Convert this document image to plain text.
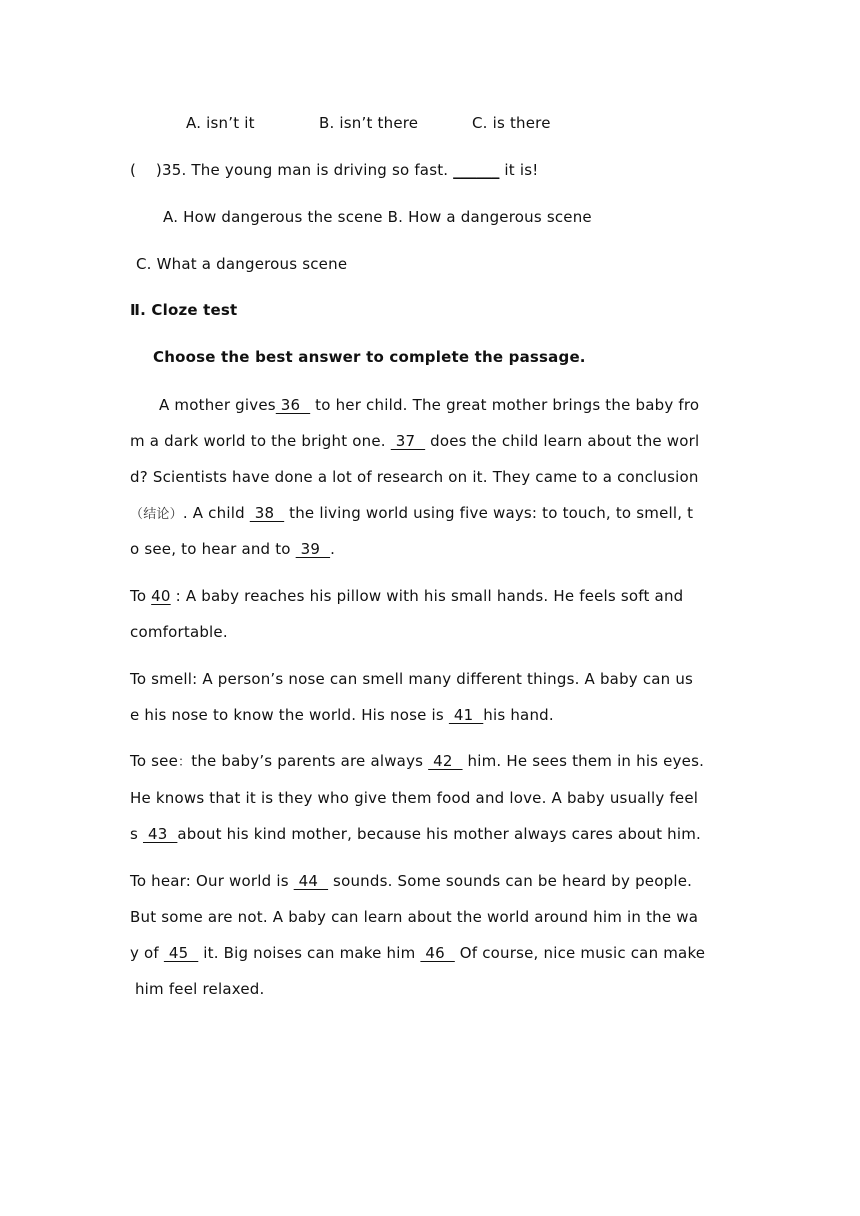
A. isn’t it	B. isn’t there	C. is there
(    )35. The young man is driving so fast. ______ it is!
A. How dangerous the scene B. How a dangerous scene
C. What a dangerous scene
Ⅱ. Cloze test
Choose the best answer to complete the passage.
A mother gives 36   to her child. The great mother brings the baby fro
m a dark world to the bright one.  37   does the child learn about the worl
d? Scientists have done a lot of research on it. They came to a conclusion
（结论）. A child  38   the living world using five ways: to touch, to smell, t
o see, to hear and to  39  .
To 40 : A baby reaches his pillow with his small hands. He feels soft and
comfortable.
To smell: A person’s nose can smell many different things. A baby can us
e his nose to know the world. His nose is  41  his hand.
To see：the baby’s parents are always  42   him. He sees them in his eyes.
He knows that it is they who give them food and love. A baby usually feel
s  43  about his kind mother, because his mother always cares about him.
To hear: Our world is  44   sounds. Some sounds can be heard by people.
But some are not. A baby can learn about the world around him in the wa
y of  45   it. Big noises can make him  46   Of course, nice music can make
him feel relaxed.
